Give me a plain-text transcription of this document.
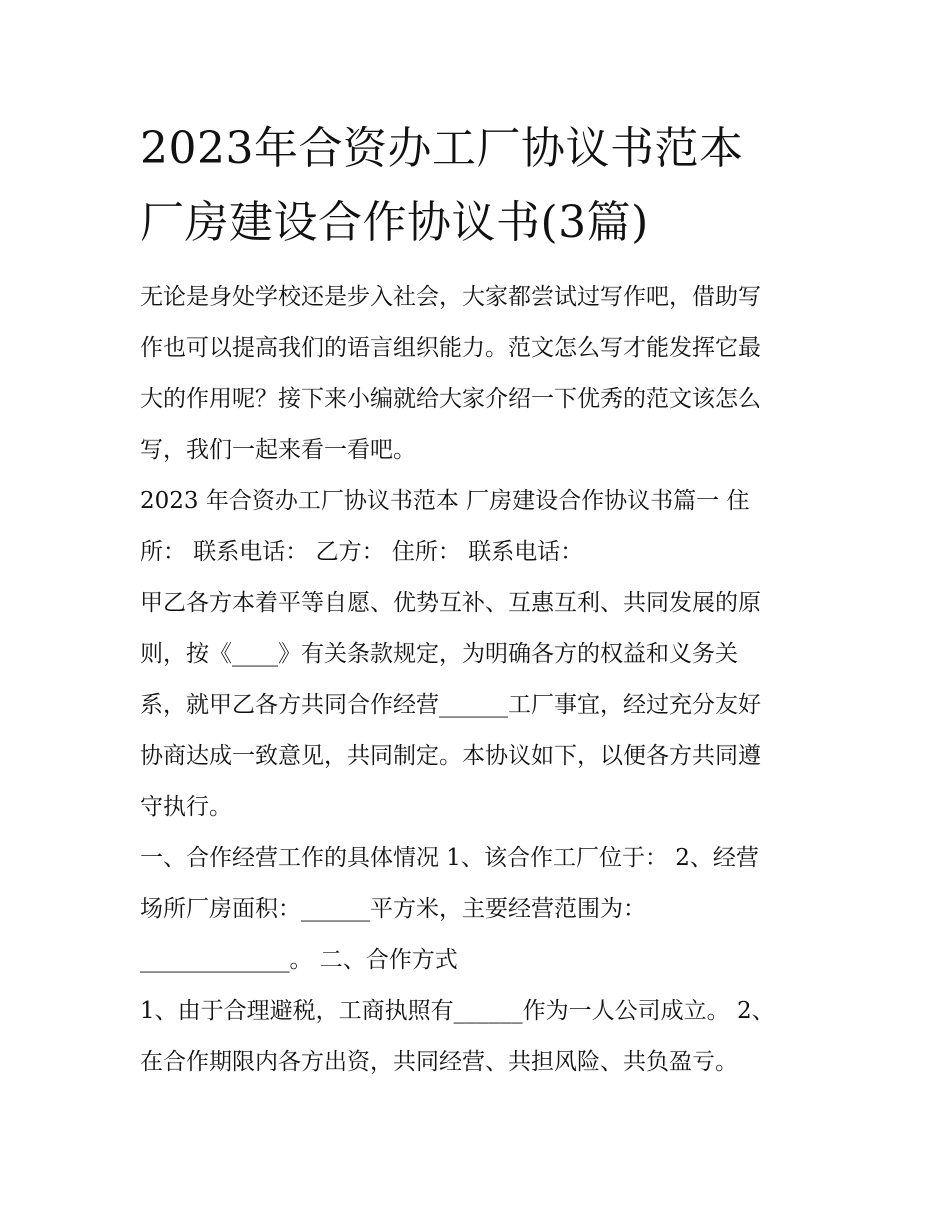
2023年合资办工厂协议书范本
厂房建设合作协议书(3篇)
无论是身处学校还是步入社会，大家都尝试过写作吧，借助写
作也可以提高我们的语言组织能力。范文怎么写才能发挥它最
大的作用呢？接下来小编就给大家介绍一下优秀的范文该怎么
写，我们一起来看一看吧。
2023 年合资办工厂协议书范本 厂房建设合作协议书篇一 住
所： 联系电话： 乙方： 住所： 联系电话：
甲乙各方本着平等自愿、优势互补、互惠互利、共同发展的原
则，按《____》有关条款规定，为明确各方的权益和义务关
系，就甲乙各方共同合作经营______工厂事宜，经过充分友好
协商达成一致意见，共同制定。本协议如下，以便各方共同遵
守执行。
一、合作经营工作的具体情况 1、该合作工厂位于： 2、经营
场所厂房面积：______平方米，主要经营范围为：
_____________。 二、合作方式
1、由于合理避税，工商执照有______作为一人公司成立。 2、
在合作期限内各方出资，共同经营、共担风险、共负盈亏。
